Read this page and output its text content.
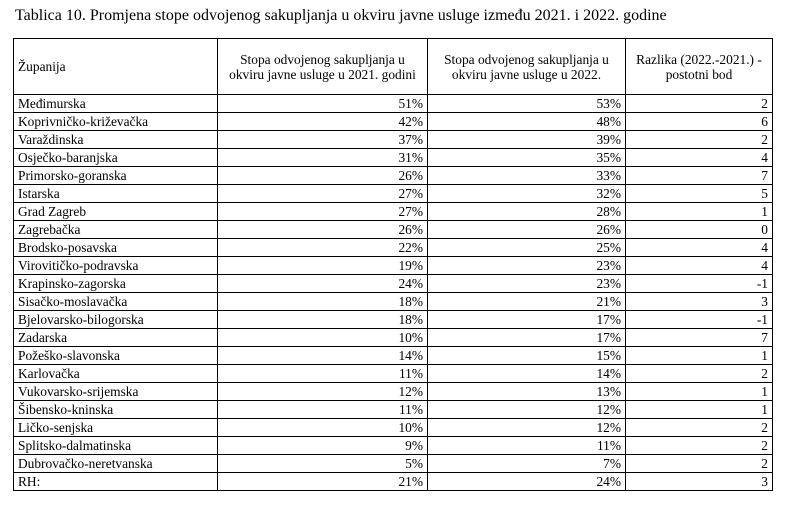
Tablica 10. Promjena stope odvojenog sakupljanja u okviru javne usluge između 2021. i 2022. godine
Županija	Stopa odvojenog sakupljanja u okviru javne usluge u 2021. godini	Stopa odvojenog sakupljanja u okviru javne usluge u 2022.	Razlika (2022.-2021.) - postotni bod
Međimurska	51%	53%	2
Koprivničko-križevačka	42%	48%	6
Varaždinska	37%	39%	2
Osječko-baranjska	31%	35%	4
Primorsko-goranska	26%	33%	7
Istarska	27%	32%	5
Grad Zagreb	27%	28%	1
Zagrebačka	26%	26%	0
Brodsko-posavska	22%	25%	4
Virovitičko-podravska	19%	23%	4
Krapinsko-zagorska	24%	23%	-1
Sisačko-moslavačka	18%	21%	3
Bjelovarsko-bilogorska	18%	17%	-1
Zadarska	10%	17%	7
Požeško-slavonska	14%	15%	1
Karlovačka	11%	14%	2
Vukovarsko-srijemska	12%	13%	1
Šibensko-kninska	11%	12%	1
Ličko-senjska	10%	12%	2
Splitsko-dalmatinska	9%	11%	2
Dubrovačko-neretvanska	5%	7%	2
RH:	21%	24%	3
